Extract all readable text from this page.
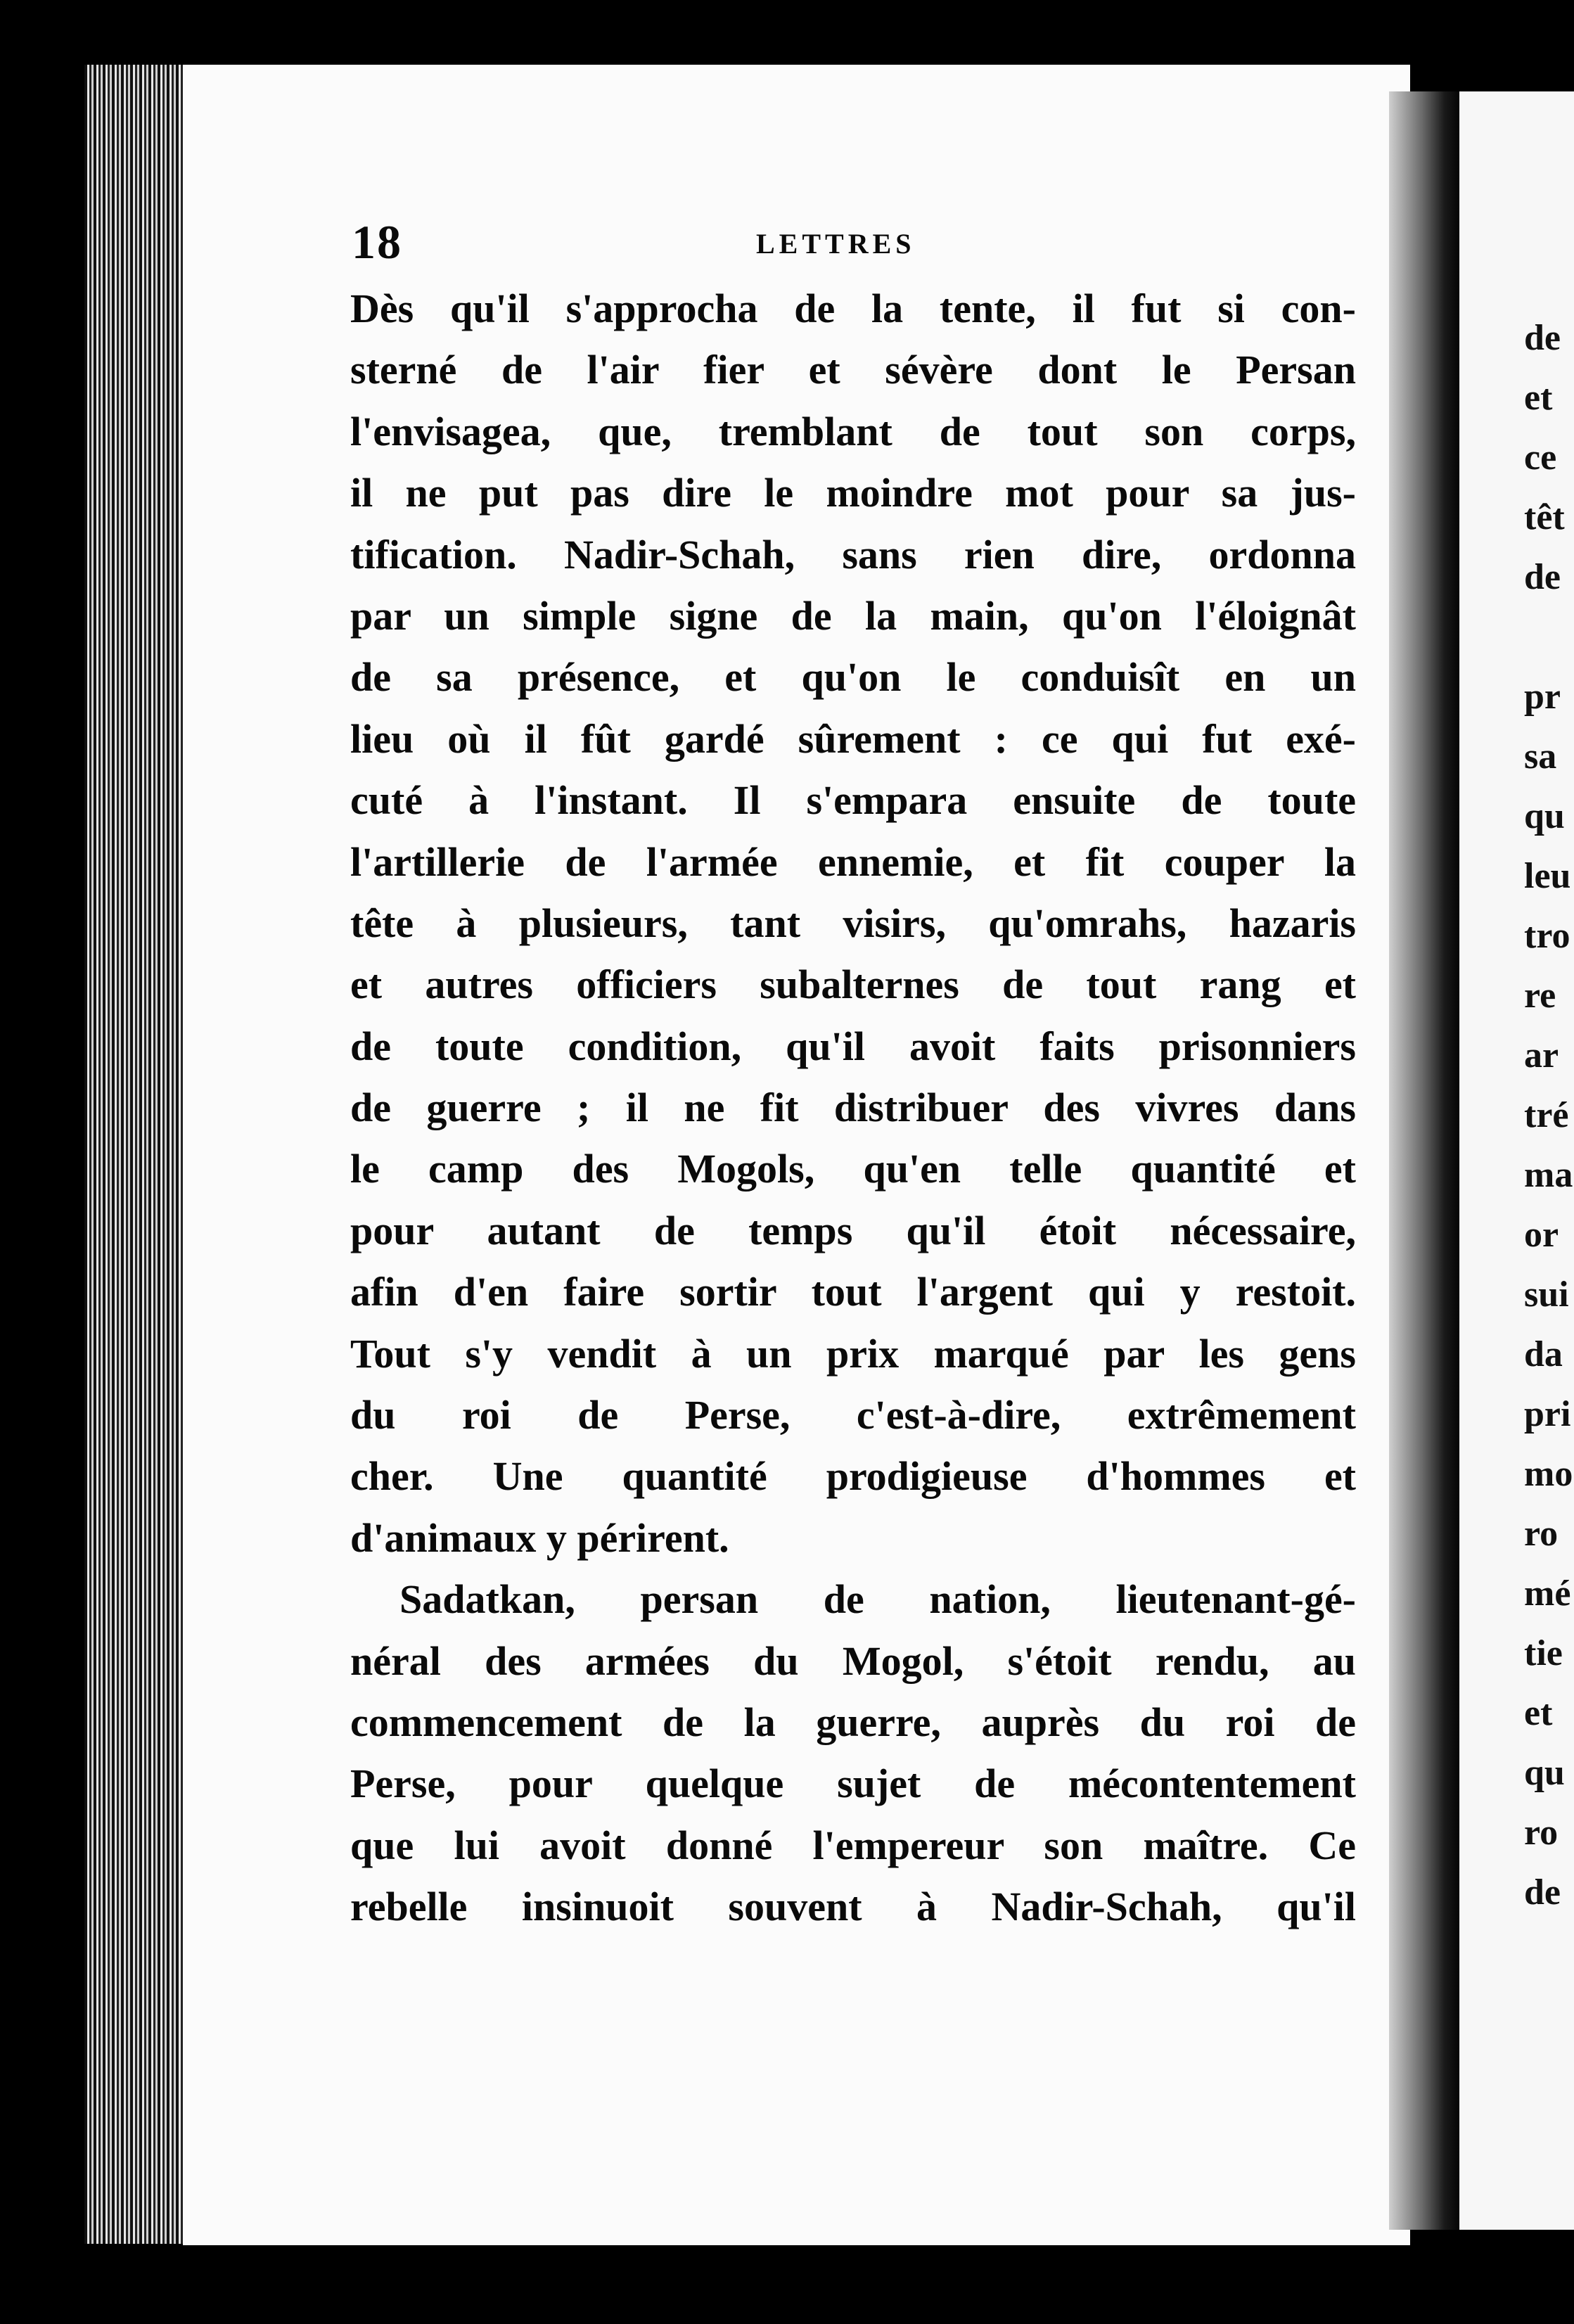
18	LETTRES
Dès qu'il s'approcha de la tente, il fut si con-
sterné de l'air fier et sévère dont le Persan
l'envisagea, que, tremblant de tout son corps,
il ne put pas dire le moindre mot pour sa jus-
tification. Nadir-Schah, sans rien dire, ordonna
par un simple signe de la main, qu'on l'éloignât
de sa présence, et qu'on le conduisît en un
lieu où il fût gardé sûrement : ce qui fut exé-
cuté à l'instant. Il s'empara ensuite de toute
l'artillerie de l'armée ennemie, et fit couper la
tête à plusieurs, tant visirs, qu'omrahs, hazaris
et autres officiers subalternes de tout rang et
de toute condition, qu'il avoit faits prisonniers
de guerre ; il ne fit distribuer des vivres dans
le camp des Mogols, qu'en telle quantité et
pour autant de temps qu'il étoit nécessaire,
afin d'en faire sortir tout l'argent qui y restoit.
Tout s'y vendit à un prix marqué par les gens
du roi de Perse, c'est-à-dire, extrêmement
cher. Une quantité prodigieuse d'hommes et
d'animaux y périrent.
Sadatkan, persan de nation, lieutenant-gé-
néral des armées du Mogol, s'étoit rendu, au
commencement de la guerre, auprès du roi de
Perse, pour quelque sujet de mécontentement
que lui avoit donné l'empereur son maître. Ce
rebelle insinuoit souvent à Nadir-Schah, qu'il
de
et
ce
têt
de
pr
sa
qu
leu
tro
re
ar
tré
ma
or
sui
da
pri
mo
ro
mé
tie
et
qu
ro
de
